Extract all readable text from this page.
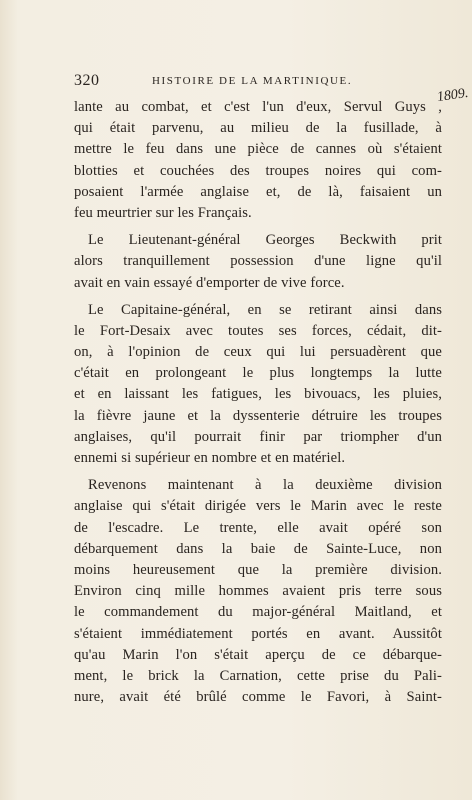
320	HISTOIRE DE LA MARTINIQUE.
1809.
lante au combat, et c'est l'un d'eux, Servul Guys ,
qui était parvenu, au milieu de la fusillade, à
mettre le feu dans une pièce de cannes où s'étaient
blotties et couchées des troupes noires qui com-
posaient l'armée anglaise et, de là, faisaient un
feu meurtrier sur les Français.
Le Lieutenant-général Georges Beckwith prit
alors tranquillement possession d'une ligne qu'il
avait en vain essayé d'emporter de vive force.
Le Capitaine-général, en se retirant ainsi dans
le Fort-Desaix avec toutes ses forces, cédait, dit-
on, à l'opinion de ceux qui lui persuadèrent que
c'était en prolongeant le plus longtemps la lutte
et en laissant les fatigues, les bivouacs, les pluies,
la fièvre jaune et la dyssenterie détruire les troupes
anglaises, qu'il pourrait finir par triompher d'un
ennemi si supérieur en nombre et en matériel.
Revenons maintenant à la deuxième division
anglaise qui s'était dirigée vers le Marin avec le reste
de l'escadre. Le trente, elle avait opéré son
débarquement dans la baie de Sainte-Luce, non
moins heureusement que la première division.
Environ cinq mille hommes avaient pris terre sous
le commandement du major-général Maitland, et
s'étaient immédiatement portés en avant. Aussitôt
qu'au Marin l'on s'était aperçu de ce débarque-
ment, le brick la Carnation, cette prise du Pali-
nure, avait été brûlé comme le Favori, à Saint-
